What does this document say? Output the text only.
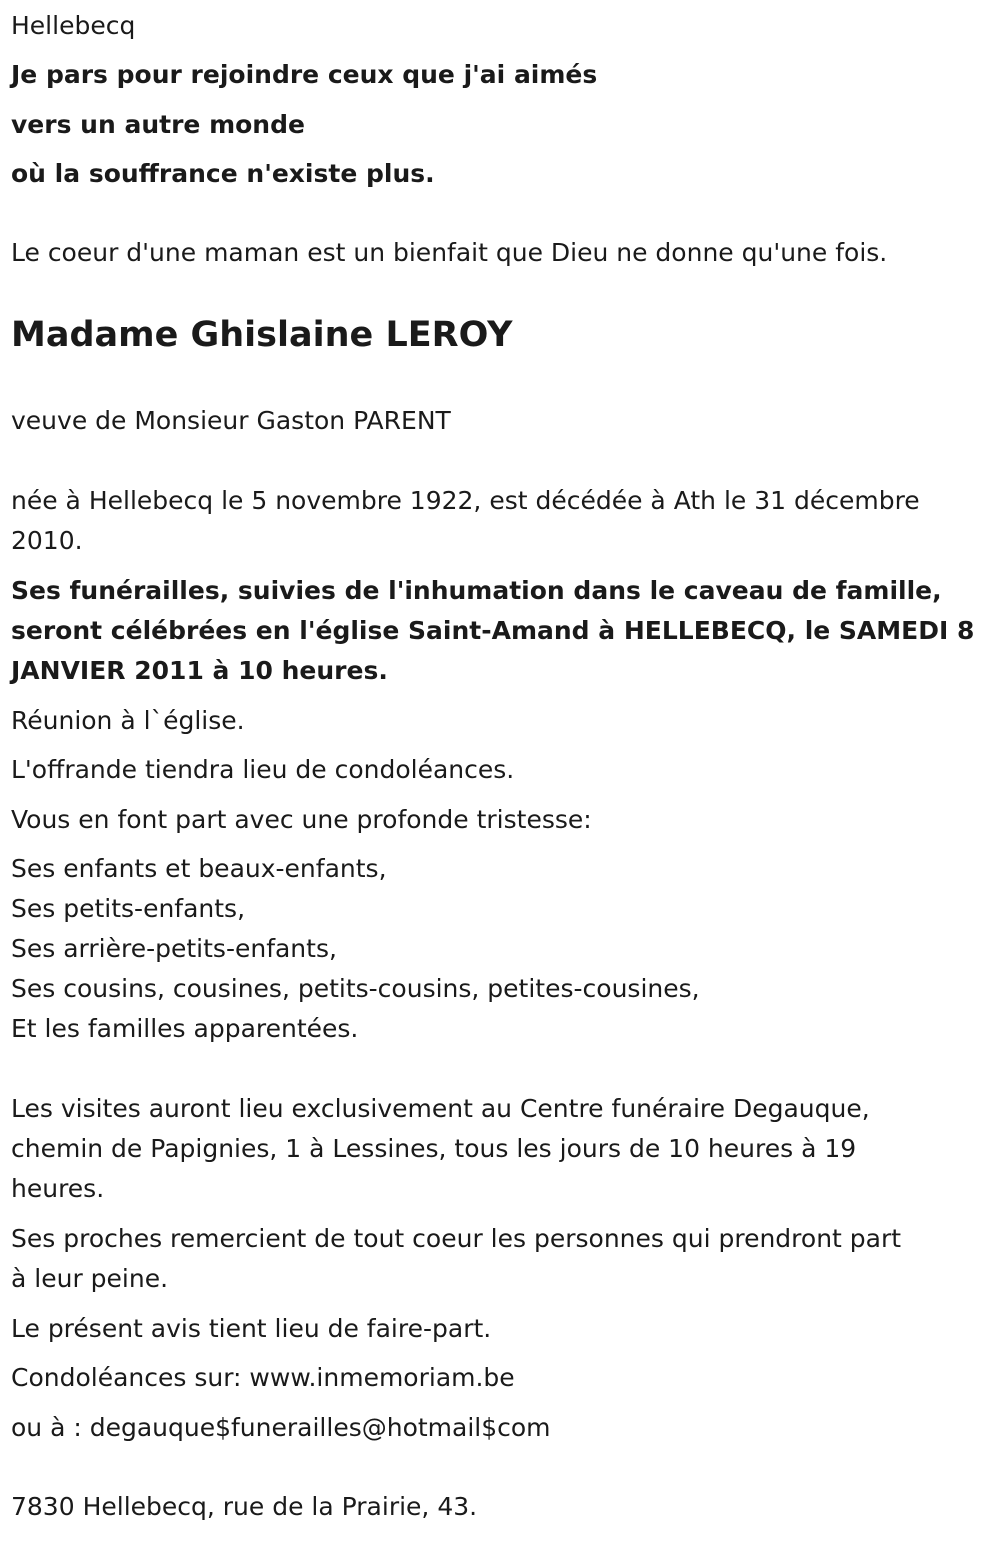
Hellebecq

Je pars pour rejoindre ceux que j'ai aimés

vers un autre monde

où la souffrance n'existe plus.

Le coeur d'une maman est un bienfait que Dieu ne donne qu'une fois.

Madame Ghislaine LEROY

veuve de Monsieur Gaston PARENT

née à Hellebecq le 5 novembre 1922, est décédée à Ath le 31 décembre

2010.

Ses funérailles, suivies de l'inhumation dans le caveau de famille,

seront célébrées en l'église Saint-Amand à HELLEBECQ, le SAMEDI 8

JANVIER 2011 à 10 heures.

Réunion à l`église.

L'offrande tiendra lieu de condoléances.

Vous en font part avec une profonde tristesse:

Ses enfants et beaux-enfants,

Ses petits-enfants,

Ses arrière-petits-enfants,

Ses cousins, cousines, petits-cousins, petites-cousines,

Et les familles apparentées.

Les visites auront lieu exclusivement au Centre funéraire Degauque,

chemin de Papignies, 1 à Lessines, tous les jours de 10 heures à 19

heures.

Ses proches remercient de tout coeur les personnes qui prendront part

à leur peine.

Le présent avis tient lieu de faire-part.

Condoléances sur: www.inmemoriam.be

ou à : degauque$funerailles@hotmail$com

7830 Hellebecq, rue de la Prairie, 43.
